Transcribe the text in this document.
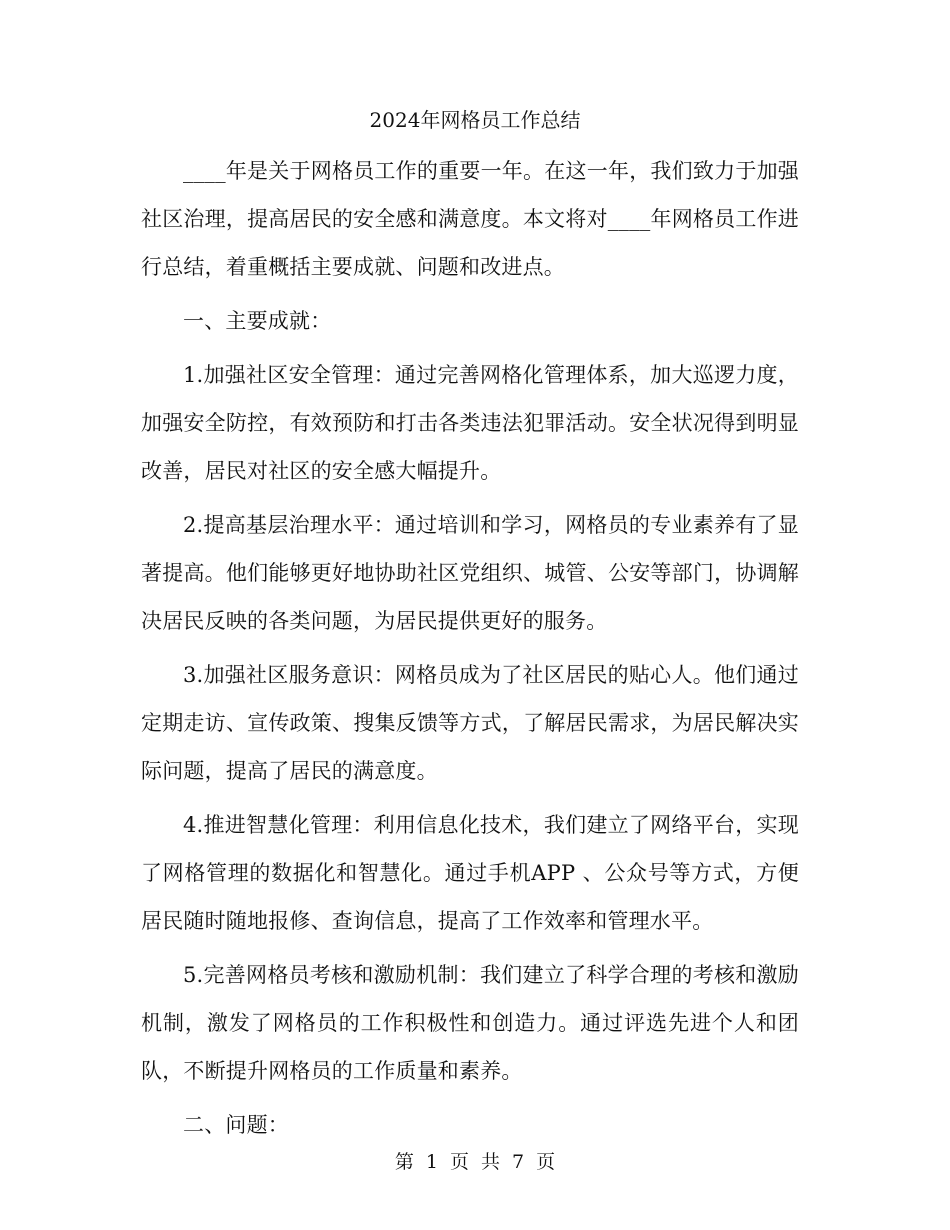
2024年网格员工作总结

____年是关于网格员工作的重要一年。在这一年，我们致力于加强社区治理，提高居民的安全感和满意度。本文将对____年网格员工作进行总结，着重概括主要成就、问题和改进点。

一、主要成就：

1.加强社区安全管理：通过完善网格化管理体系，加大巡逻力度，加强安全防控，有效预防和打击各类违法犯罪活动。安全状况得到明显改善，居民对社区的安全感大幅提升。

2.提高基层治理水平：通过培训和学习，网格员的专业素养有了显著提高。他们能够更好地协助社区党组织、城管、公安等部门，协调解决居民反映的各类问题，为居民提供更好的服务。

3.加强社区服务意识：网格员成为了社区居民的贴心人。他们通过定期走访、宣传政策、搜集反馈等方式，了解居民需求，为居民解决实际问题，提高了居民的满意度。

4.推进智慧化管理：利用信息化技术，我们建立了网络平台，实现了网格管理的数据化和智慧化。通过手机APP 、公众号等方式，方便居民随时随地报修、查询信息，提高了工作效率和管理水平。

5.完善网格员考核和激励机制：我们建立了科学合理的考核和激励机制，激发了网格员的工作积极性和创造力。通过评选先进个人和团队，不断提升网格员的工作质量和素养。

二、问题：

第 1 页 共 7 页
